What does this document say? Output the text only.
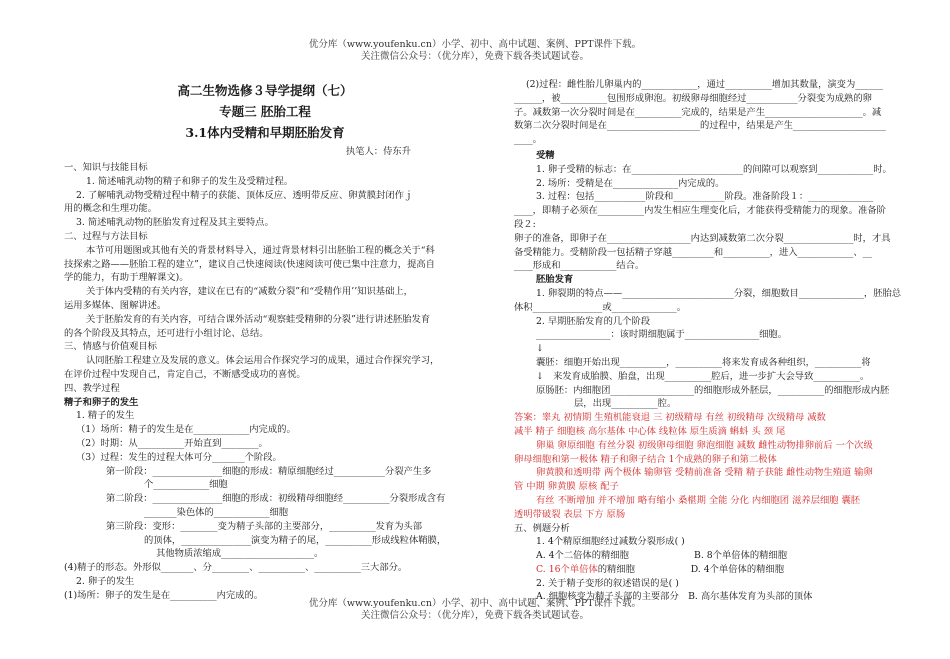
优分库（www.youfenku.cn）小学、初中、高中试题、案例、PPT课件下载。
关注微信公众号：（优分库），免费下载各类试题试卷。

高二生物选修３导学提纲（七）

专题三 胚胎工程

3.1体内受精和早期胚胎发育

执笔人：侍东升

一、知识与技能目标

1. 简述哺乳动物的精子和卵子的发生及受精过程。

2. 了解哺乳动物受精过程中精子的获能、顶体反应、透明带反应、卵黄膜封闭作ｊ

用的概念和生理功能。

3. 简述哺乳动物的胚胎发育过程及其主要特点。

二、过程与方法目标

本节可用题图或其他有关的背景材料导入，通过背景材料引出胚胎工程的概念关于“科

技探索之路——胚胎工程的建立”，建议自己快速阅读(快速阅读可使已集中注意力，提高自

学的能力，有助于理解课文)。

关于体内受精的有关内容，建议在已有的“减数分裂”和“受精作用’’知识基础上，

运用多媒体、图解讲述。

关于胚胎发育的有关内容，可结合课外活动“观察蛙受精卵的分裂”进行讲述胚胎发育

的各个阶段及其特点，还可进行小组讨论、总结。

三、情感与价值观目标

认同胚胎工程建立及发展的意义。体会运用合作探究学习的成果，通过合作探究学习，

在评价过程中发现自己，肯定自己，不断感受成功的喜悦。

四、教学过程

精子和卵子的发生

1. 精子的发生

（1）场所：精子的发生是在____________内完成的。

（2）时期：从__________开始直到________。

（3）过程：发生的过程大体可分_______个阶段。

第一阶段：_______________细胞的形成：精原细胞经过___________分裂产生多

个____________细胞

第二阶段：_______________细胞的形成：初级精母细胞经__________分裂形成含有

_______染色体的____________细胞

第三阶段：变形：________变为精子头部的主要部分，__________发育为头部

的顶体，_______________演变为精子的尾，__________形成线粒体鞘膜，

其他物质浓缩成____________________。

(4)精子的形态。外形似_______、分________、__________、__________三大部分。

2. 卵子的发生

(1)场所：卵子的发生是在__________内完成的。

(2)过程：雌性胎儿卵巢内的____________，通过__________增加其数量，演变为______

______，被__________包围形成卵泡。初级卵母细胞经过___________分裂变为成熟的卵

子。减数第一次分裂时间是在__________完成的，结果是产生_____________________。减

数第二次分裂时间是在____________________的过程中，结果是产生____________________

____。

受精

1. 卵子受精的标志：在________________________的间隙可以观察到____________时。

2. 场所：受精是在______________内完成的。

3. 过程：包括___________阶段和___________阶段。准备阶段１：______________

____，即精子必须在__________内发生相应生理变化后，才能获得受精能力的现象。准备阶

段２:

卵子的准备，即卵子在__________________内达到减数第二次分裂_______________时，才具

备受精能力。受精阶段一包括精子穿越_________和__________，进入____________、__

____形成和____________结合。

胚胎发育

1. 卵裂期的特点——________________________分裂，细胞数目______________，胚胎总

体积_______________或______________。

2. 早期胚胎发育的几个阶段

________________：该时期细胞属于________________细胞。

↓

囊胚：细胞开始出现__________，__________将来发育成各种组织，__________将

↓　来发育成胎膜、胎盘，出现__________腔后，进一步扩大会导致__________。

原肠胚：内细胞团__________________的细胞形成外胚层，__________的细胞形成内胚

层，出现__________腔。

答案：睾丸 初情期 生殖机能衰退 三 初级精母 有丝 初级精母 次级精母 减数

减半 精子 细胞核 高尔基体 中心体 线粒体 原生质滴 蝌蚪 头 颈 尾

卵巢 卵原细胞 有丝分裂 初级卵母细胞 卵泡细胞 减数 雌性动物排卵前后 一个次级

卵母细胞和第一极体 精子和卵子结合 1个成熟的卵子和第二极体

卵黄膜和透明带 两个极体 输卵管 受精前准备 受精 精子获能 雌性动物生殖道 输卵

管 中期 卵黄膜 原核 配子

有丝 不断增加 并不增加 略有缩小 桑椹期 全能 分化 内细胞团 滋养层细胞 囊胚

透明带破裂 表层 下方 原肠

五、例题分析

1. 4个精原细胞经过减数分裂形成( )

A. 4个二倍体的精细胞　　　　　　　B. 8个单倍体的精细胞

C. 16个单倍体的精细胞　　　　　　D. 4个单倍体的精细胞

2. 关于精子变形的叙述错误的是( )

A. 细胞核变为精子头部的主要部分　B. 高尔基体发育为头部的顶体

优分库（www.youfenku.cn）小学、初中、高中试题、案例、PPT课件下载。
关注微信公众号：（优分库），免费下载各类试题试卷。
